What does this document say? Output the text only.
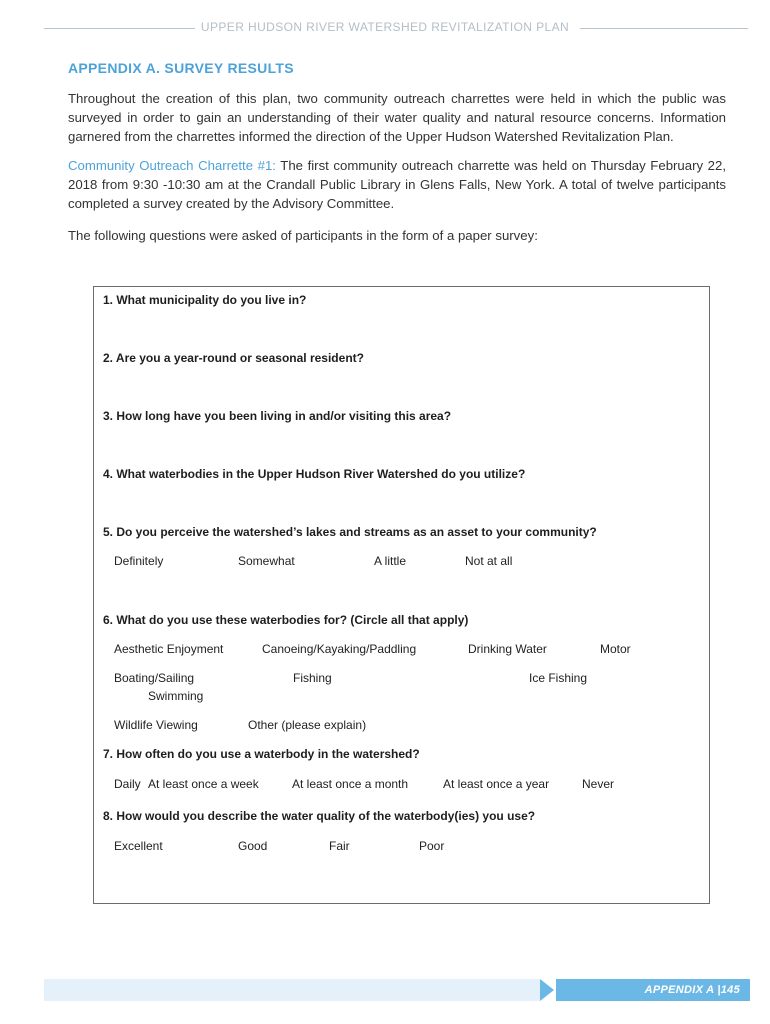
UPPER HUDSON RIVER WATERSHED REVITALIZATION PLAN
APPENDIX A. SURVEY RESULTS
Throughout the creation of this plan, two community outreach charrettes were held in which the public was surveyed in order to gain an understanding of their water quality and natural resource concerns. Information garnered from the charrettes informed the direction of the Upper Hudson Watershed Revitalization Plan.
Community Outreach Charrette #1: The first community outreach charrette was held on Thursday February 22, 2018 from 9:30 -10:30 am at the Crandall Public Library in Glens Falls, New York. A total of twelve participants completed a survey created by the Advisory Committee.
The following questions were asked of participants in the form of a paper survey:
1. What municipality do you live in?
2. Are you a year-round or seasonal resident?
3. How long have you been living in and/or visiting this area?
4. What waterbodies in the Upper Hudson River Watershed do you utilize?
5. Do you perceive the watershed’s lakes and streams as an asset to your community?
Definitely	Somewhat	A little	Not at all
6. What do you use these waterbodies for? (Circle all that apply)
Aesthetic Enjoyment	Canoeing/Kayaking/Paddling	Drinking Water	Motor
Boating/Sailing	Fishing	Ice Fishing
Swimming
Wildlife Viewing	Other (please explain)
7. How often do you use a waterbody in the watershed?
Daily At least once a week	At least once a month	At least once a year	Never
8. How would you describe the water quality of the waterbody(ies) you use?
Excellent	Good	Fair	Poor
APPENDIX A |145
